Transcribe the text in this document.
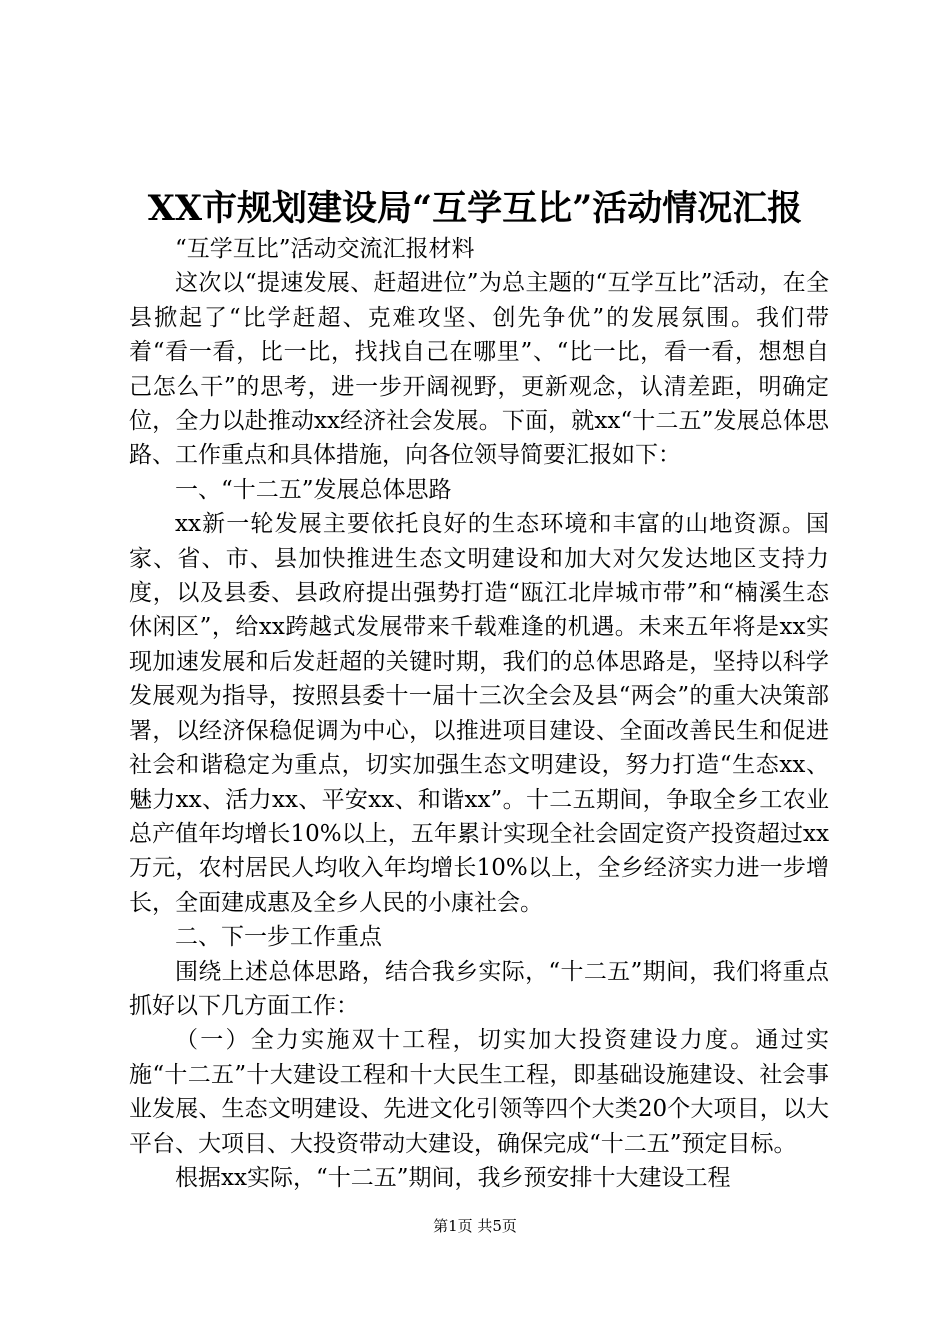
XX市规划建设局“互学互比”活动情况汇报

“互学互比”活动交流汇报材料

这次以“提速发展、赶超进位”为总主题的“互学互比”活动，在全县掀起了“比学赶超、克难攻坚、创先争优”的发展氛围。我们带着“看一看，比一比，找找自己在哪里”、“比一比，看一看，想想自己怎么干”的思考，进一步开阔视野，更新观念，认清差距，明确定位，全力以赴推动xx经济社会发展。下面，就xx“十二五”发展总体思路、工作重点和具体措施，向各位领导简要汇报如下：

一、“十二五”发展总体思路

xx新一轮发展主要依托良好的生态环境和丰富的山地资源。国家、省、市、县加快推进生态文明建设和加大对欠发达地区支持力度，以及县委、县政府提出强势打造“瓯江北岸城市带”和“楠溪生态休闲区”，给xx跨越式发展带来千载难逢的机遇。未来五年将是xx实现加速发展和后发赶超的关键时期，我们的总体思路是，坚持以科学发展观为指导，按照县委十一届十三次全会及县“两会”的重大决策部署，以经济保稳促调为中心，以推进项目建设、全面改善民生和促进社会和谐稳定为重点，切实加强生态文明建设，努力打造“生态xx、魅力xx、活力xx、平安xx、和谐xx”。十二五期间，争取全乡工农业总产值年均增长10%以上，五年累计实现全社会固定资产投资超过xx万元，农村居民人均收入年均增长10%以上，全乡经济实力进一步增长，全面建成惠及全乡人民的小康社会。

二、下一步工作重点

围绕上述总体思路，结合我乡实际，“十二五”期间，我们将重点抓好以下几方面工作：

（一）全力实施双十工程，切实加大投资建设力度。通过实施“十二五”十大建设工程和十大民生工程，即基础设施建设、社会事业发展、生态文明建设、先进文化引领等四个大类20个大项目，以大平台、大项目、大投资带动大建设，确保完成“十二五”预定目标。

根据xx实际，“十二五”期间，我乡预安排十大建设工程

第1页 共5页
